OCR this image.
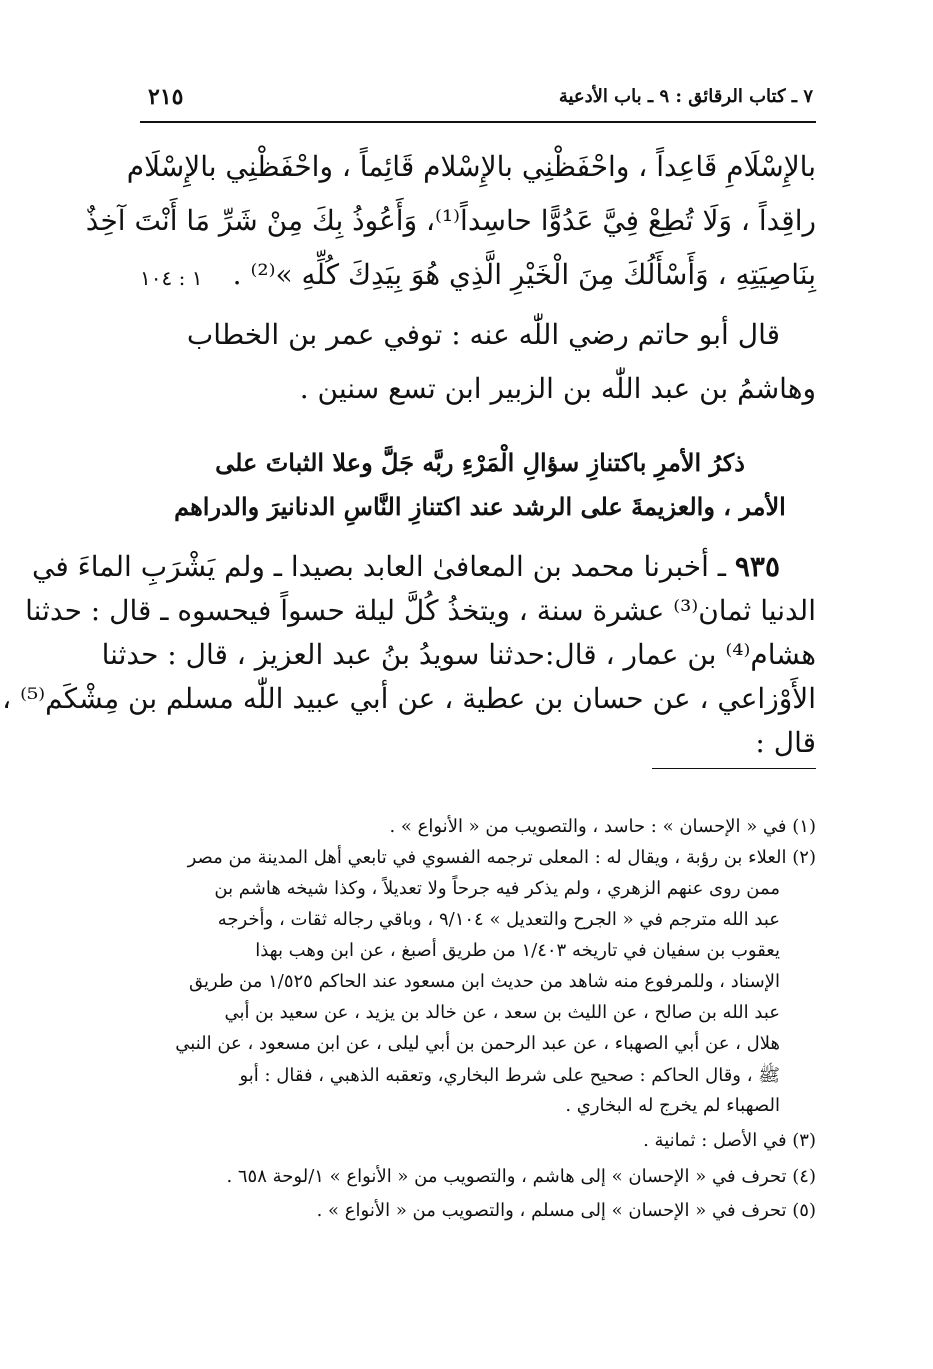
٢١٥	٧ ـ كتاب الرقائق : ٩ ـ باب الأدعية
بالإِسْلَامِ قَاعِداً ، واحْفَظْنِي بالإِسْلام قَائِماً ، واحْفَظْنِي بالإِسْلَام
راقِداً ، وَلَا تُطِعْ فِيَّ عَدُوًّا حاسِداً⁽¹⁾، وَأَعُوذُ بِكَ مِنْ شَرِّ مَا أَنْتَ آخِذٌ
بِنَاصِيَتِهِ ، وَأَسْأَلُكَ مِنَ الْخَيْرِ الَّذِي هُوَ بِيَدِكَ كُلِّهِ »⁽²⁾ .
١ : ١٠٤
قال أبو حاتم رضي اللّٰه عنه : توفي عمر بن الخطاب
وهاشمُ بن عبد اللّٰه بن الزبير ابن تسع سنين .
ذكرُ الأمرِ باكتنازِ سؤالِ الْمَرْءِ ربَّه جَلَّ وعلا الثباتَ على
الأمر ، والعزيمةَ على الرشد عند اكتنازِ النَّاسِ الدنانيرَ والدراهم
٩٣٥ ـ أخبرنا محمد بن المعافىٰ العابد بصيدا ـ ولم يَشْرَبِ الماءَ في
الدنيا ثمان⁽³⁾ عشرة سنة ، ويتخذُ كُلَّ ليلة حسواً فيحسوه ـ قال : حدثنا
هشام⁽⁴⁾ بن عمار ، قال:حدثنا سويدُ بنُ عبد العزيز ، قال : حدثنا
الأَوْزاعي ، عن حسان بن عطية ، عن أبي عبيد اللّٰه مسلم بن مِشْكَم⁽⁵⁾ ،
قال :
(١) في « الإحسان » : حاسد ، والتصويب من « الأنواع » .
(٢) العلاء بن رؤبة ، ويقال له : المعلى ترجمه الفسوي في تابعي أهل المدينة من مصر
ممن روى عنهم الزهري ، ولم يذكر فيه جرحاً ولا تعديلاً ، وكذا شيخه هاشم بن
عبد الله مترجم في « الجرح والتعديل » ٩/١٠٤ ، وباقي رجاله ثقات ، وأخرجه
يعقوب بن سفيان في تاريخه ١/٤٠٣ من طريق أصبغ ، عن ابن وهب بهذا
الإسناد ، وللمرفوع منه شاهد من حديث ابن مسعود عند الحاكم ١/٥٢٥ من طريق
عبد الله بن صالح ، عن الليث بن سعد ، عن خالد بن يزيد ، عن سعيد بن أبي
هلال ، عن أبي الصهباء ، عن عبد الرحمن بن أبي ليلى ، عن ابن مسعود ، عن النبي
ﷺ ، وقال الحاكم : صحيح على شرط البخاري، وتعقبه الذهبي ، فقال : أبو
الصهباء لم يخرج له البخاري .
(٣) في الأصل : ثمانية .
(٤) تحرف في « الإحسان » إلى هاشم ، والتصويب من « الأنواع » ١/لوحة ٦٥٨ .
(٥) تحرف في « الإحسان » إلى مسلم ، والتصويب من « الأنواع » .
